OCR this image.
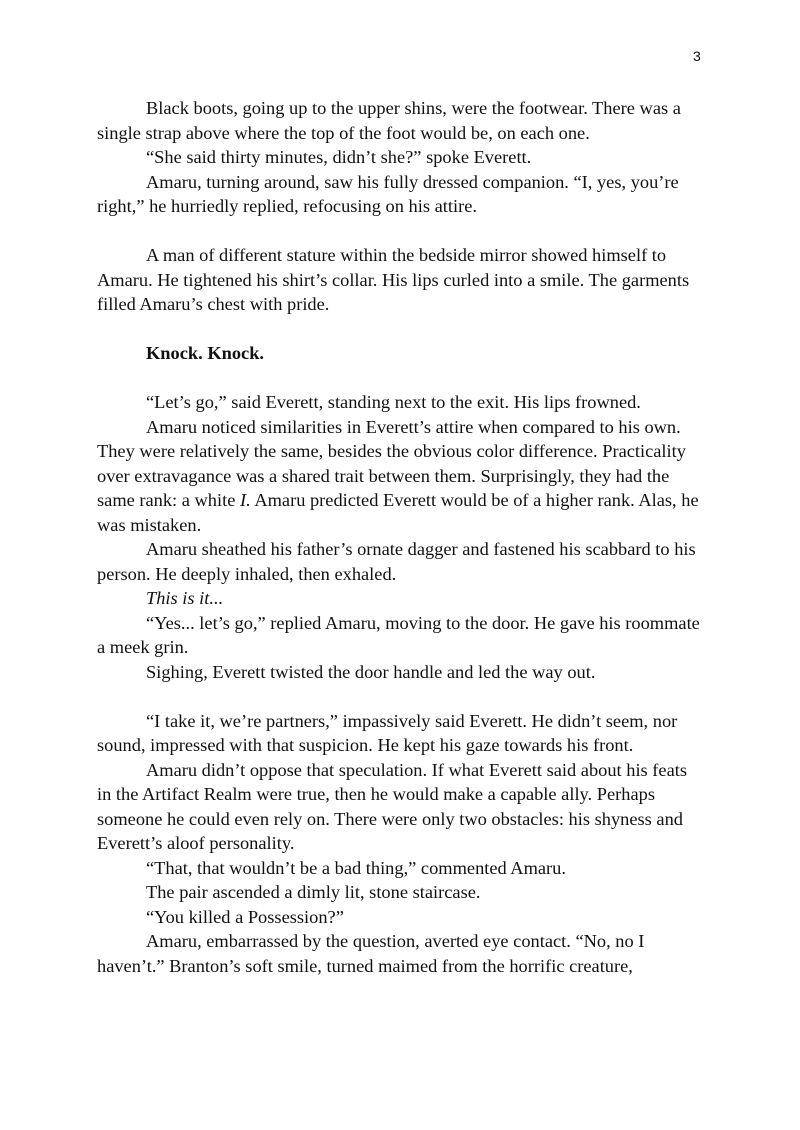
3

Black boots, going up to the upper shins, were the footwear. There was a single strap above where the top of the foot would be, on each one.

“She said thirty minutes, didn’t she?” spoke Everett.

Amaru, turning around, saw his fully dressed companion. “I, yes, you’re right,” he hurriedly replied, refocusing on his attire.

A man of different stature within the bedside mirror showed himself to Amaru. He tightened his shirt’s collar. His lips curled into a smile. The garments filled Amaru’s chest with pride.

Knock. Knock.

“Let’s go,” said Everett, standing next to the exit. His lips frowned.

Amaru noticed similarities in Everett’s attire when compared to his own. They were relatively the same, besides the obvious color difference. Practicality over extravagance was a shared trait between them. Surprisingly, they had the same rank: a white I. Amaru predicted Everett would be of a higher rank. Alas, he was mistaken.

Amaru sheathed his father’s ornate dagger and fastened his scabbard to his person. He deeply inhaled, then exhaled.

This is it...

“Yes... let’s go,” replied Amaru, moving to the door. He gave his roommate a meek grin.

Sighing, Everett twisted the door handle and led the way out.

“I take it, we’re partners,” impassively said Everett. He didn’t seem, nor sound, impressed with that suspicion. He kept his gaze towards his front.

Amaru didn’t oppose that speculation. If what Everett said about his feats in the Artifact Realm were true, then he would make a capable ally. Perhaps someone he could even rely on. There were only two obstacles: his shyness and Everett’s aloof personality.

“That, that wouldn’t be a bad thing,” commented Amaru.

The pair ascended a dimly lit, stone staircase.

“You killed a Possession?”

Amaru, embarrassed by the question, averted eye contact. “No, no I haven’t.” Branton’s soft smile, turned maimed from the horrific creature,
